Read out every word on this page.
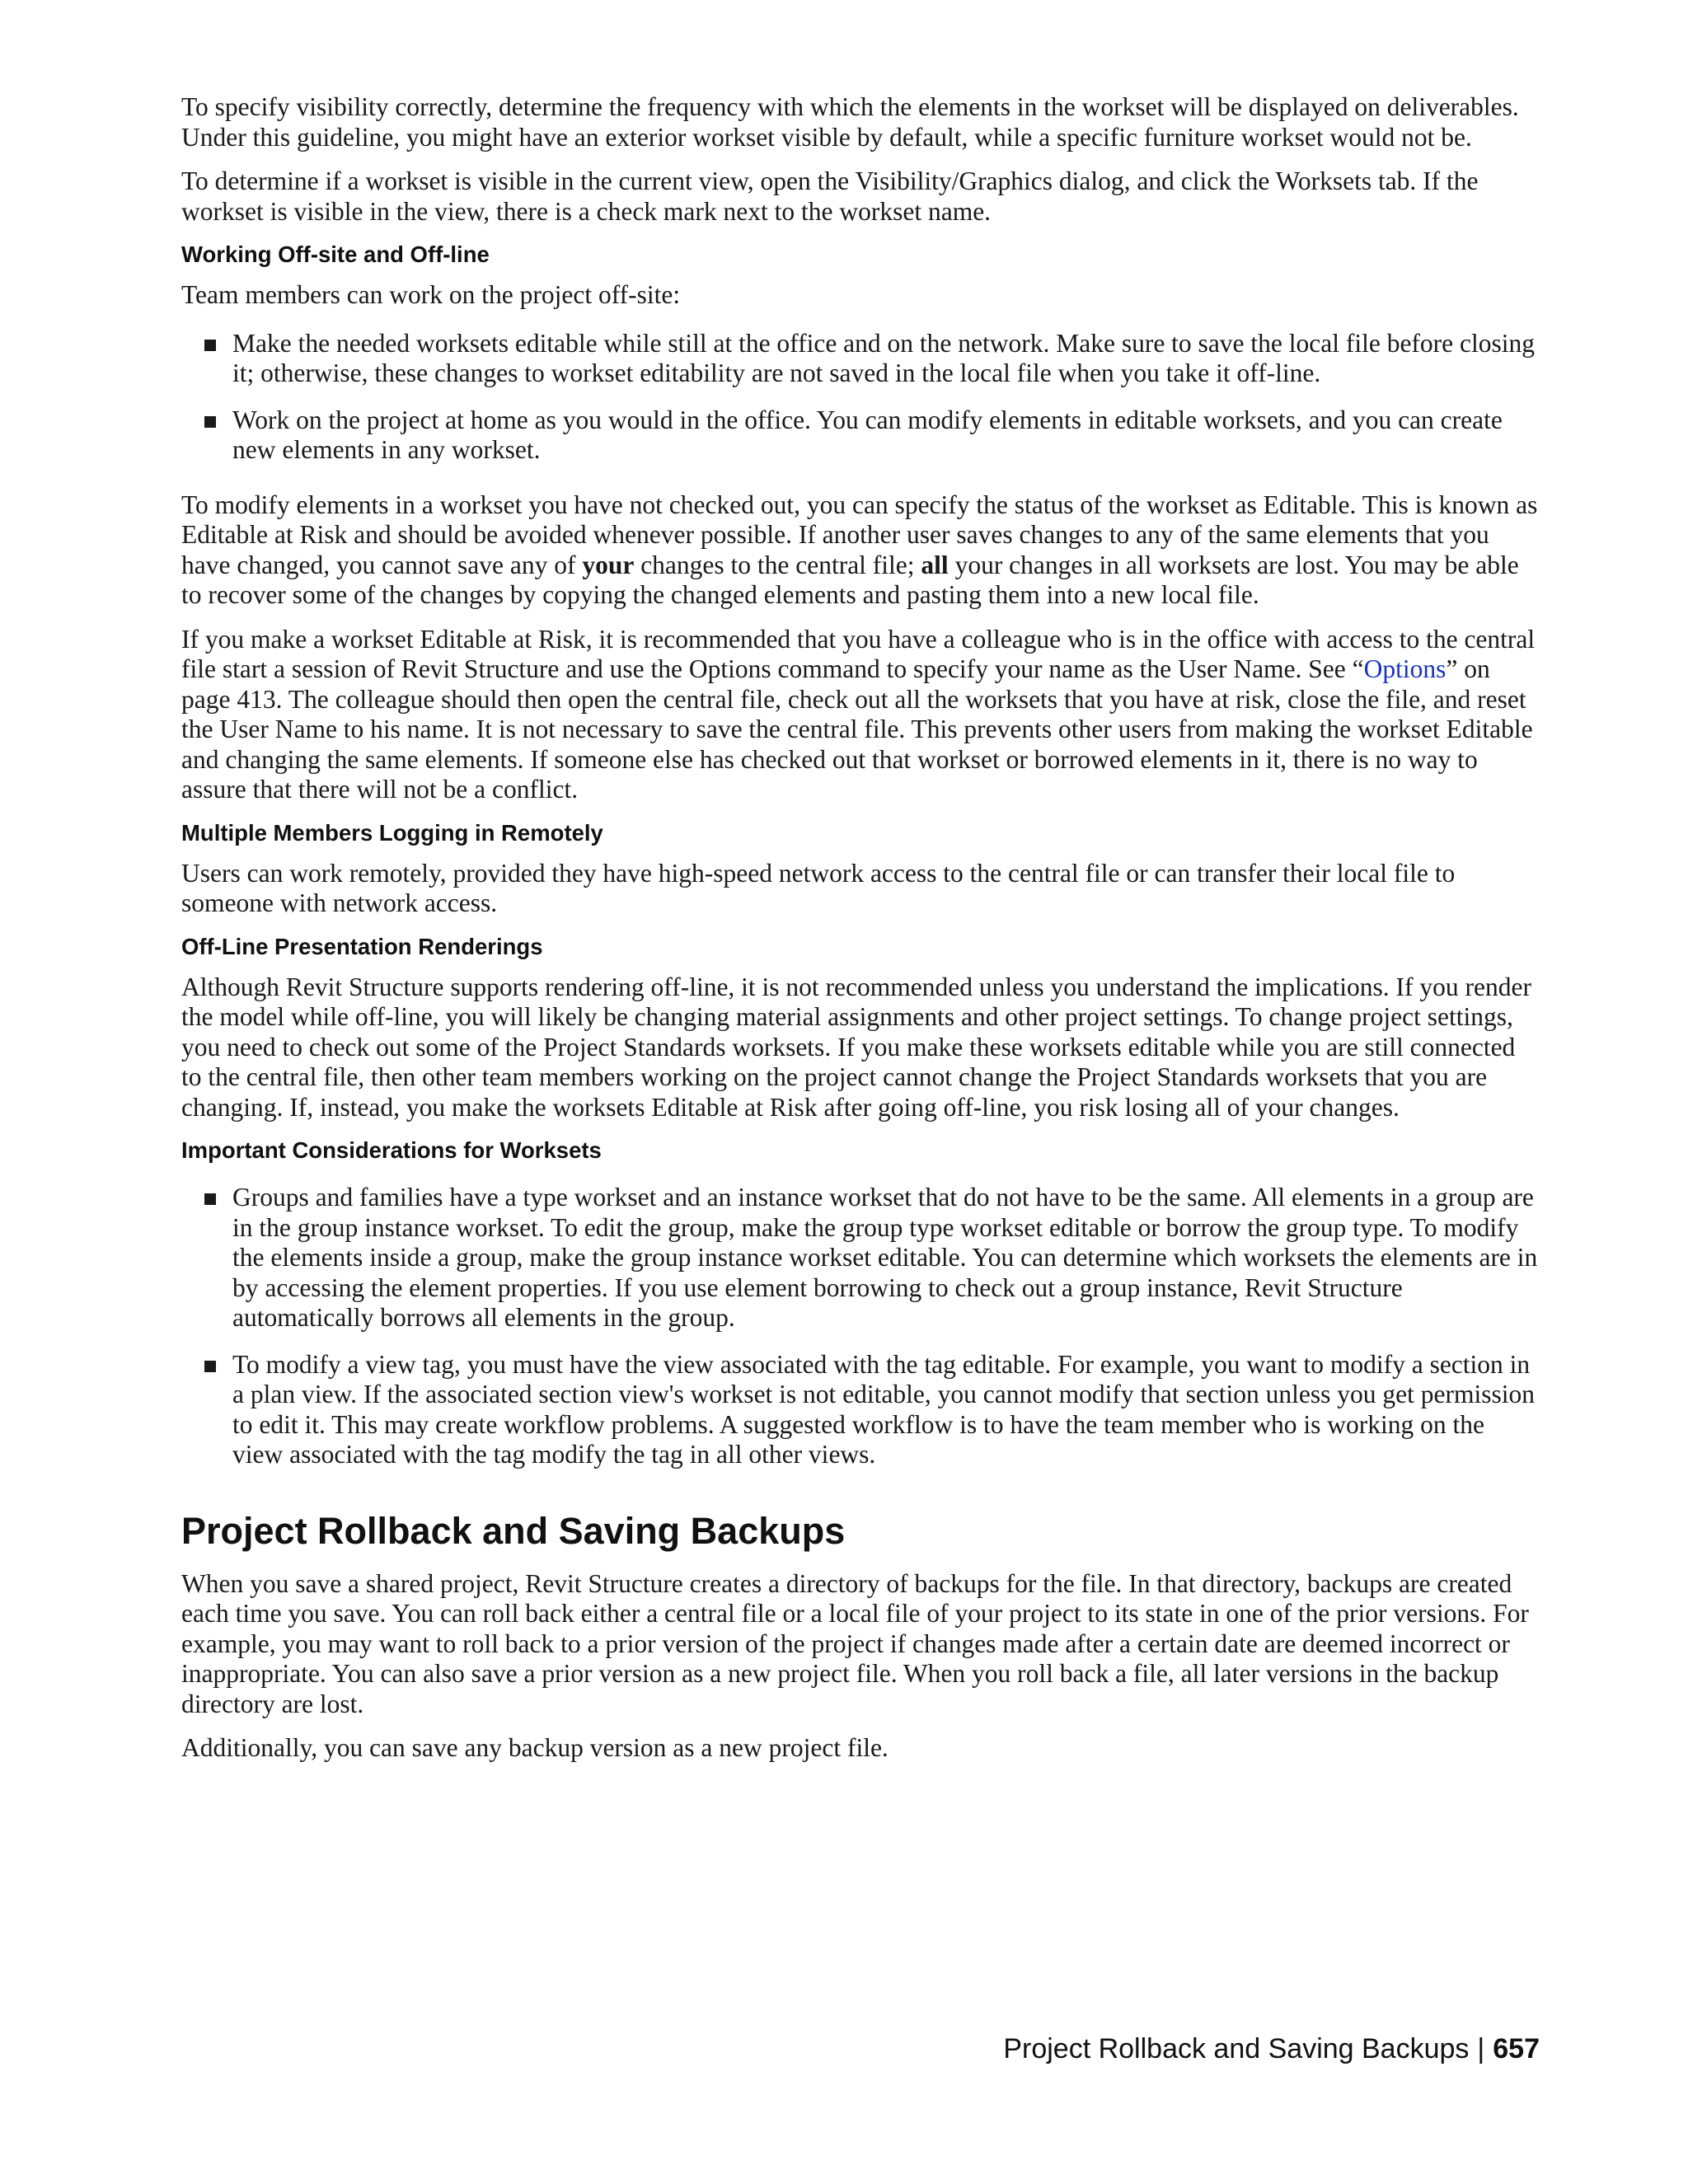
To specify visibility correctly, determine the frequency with which the elements in the workset will be displayed on deliverables. Under this guideline, you might have an exterior workset visible by default, while a specific furniture workset would not be.

To determine if a workset is visible in the current view, open the Visibility/Graphics dialog, and click the Worksets tab. If the workset is visible in the view, there is a check mark next to the workset name.

Working Off-site and Off-line

Team members can work on the project off-site:

Make the needed worksets editable while still at the office and on the network. Make sure to save the local file before closing it; otherwise, these changes to workset editability are not saved in the local file when you take it off-line.
Work on the project at home as you would in the office. You can modify elements in editable worksets, and you can create new elements in any workset.

To modify elements in a workset you have not checked out, you can specify the status of the workset as Editable. This is known as Editable at Risk and should be avoided whenever possible. If another user saves changes to any of the same elements that you have changed, you cannot save any of your changes to the central file; all your changes in all worksets are lost. You may be able to recover some of the changes by copying the changed elements and pasting them into a new local file.

If you make a workset Editable at Risk, it is recommended that you have a colleague who is in the office with access to the central file start a session of Revit Structure and use the Options command to specify your name as the User Name. See “Options” on page 413. The colleague should then open the central file, check out all the worksets that you have at risk, close the file, and reset the User Name to his name. It is not necessary to save the central file. This prevents other users from making the workset Editable and changing the same elements. If someone else has checked out that workset or borrowed elements in it, there is no way to assure that there will not be a conflict.

Multiple Members Logging in Remotely

Users can work remotely, provided they have high-speed network access to the central file or can transfer their local file to someone with network access.

Off-Line Presentation Renderings

Although Revit Structure supports rendering off-line, it is not recommended unless you understand the implications. If you render the model while off-line, you will likely be changing material assignments and other project settings. To change project settings, you need to check out some of the Project Standards worksets. If you make these worksets editable while you are still connected to the central file, then other team members working on the project cannot change the Project Standards worksets that you are changing. If, instead, you make the worksets Editable at Risk after going off-line, you risk losing all of your changes.

Important Considerations for Worksets
Groups and families have a type workset and an instance workset that do not have to be the same. All elements in a group are in the group instance workset. To edit the group, make the group type workset editable or borrow the group type. To modify the elements inside a group, make the group instance workset editable. You can determine which worksets the elements are in by accessing the element properties. If you use element borrowing to check out a group instance, Revit Structure automatically borrows all elements in the group.
To modify a view tag, you must have the view associated with the tag editable. For example, you want to modify a section in a plan view. If the associated section view's workset is not editable, you cannot modify that section unless you get permission to edit it. This may create workflow problems. A suggested workflow is to have the team member who is working on the view associated with the tag modify the tag in all other views.
Project Rollback and Saving Backups

When you save a shared project, Revit Structure creates a directory of backups for the file. In that directory, backups are created each time you save. You can roll back either a central file or a local file of your project to its state in one of the prior versions. For example, you may want to roll back to a prior version of the project if changes made after a certain date are deemed incorrect or inappropriate. You can also save a prior version as a new project file. When you roll back a file, all later versions in the backup directory are lost.

Additionally, you can save any backup version as a new project file.

Project Rollback and Saving Backups | 657
